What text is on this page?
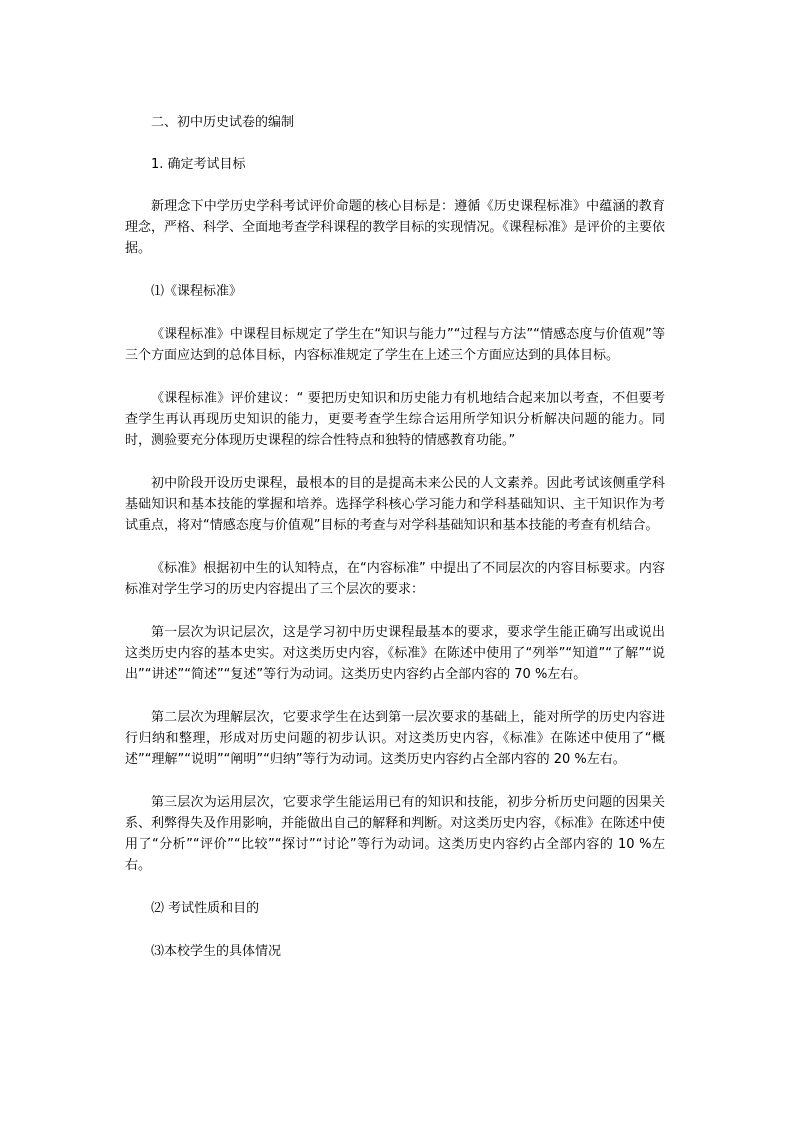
二、初中历史试卷的编制

1. 确定考试目标

新理念下中学历史学科考试评价命题的核心目标是：遵循《历史课程标准》中蕴涵的教育理念，严格、科学、全面地考查学科课程的教学目标的实现情况。《课程标准》是评价的主要依据。

⑴《课程标准》

《课程标准》中课程目标规定了学生在“知识与能力”“过程与方法”“情感态度与价值观”等三个方面应达到的总体目标，内容标准规定了学生在上述三个方面应达到的具体目标。

《课程标准》评价建议：“ 要把历史知识和历史能力有机地结合起来加以考查，不但要考查学生再认再现历史知识的能力，更要考查学生综合运用所学知识分析解决问题的能力。同时，测验要充分体现历史课程的综合性特点和独特的情感教育功能。”

初中阶段开设历史课程，最根本的目的是提高未来公民的人文素养。因此考试该侧重学科基础知识和基本技能的掌握和培养。选择学科核心学习能力和学科基础知识、主干知识作为考试重点，将对“情感态度与价值观”目标的考查与对学科基础知识和基本技能的考查有机结合。

《标准》根据初中生的认知特点，在“内容标准” 中提出了不同层次的内容目标要求。内容标准对学生学习的历史内容提出了三个层次的要求：

第一层次为识记层次，这是学习初中历史课程最基本的要求，要求学生能正确写出或说出这类历史内容的基本史实。对这类历史内容，《标准》在陈述中使用了“列举”“知道”“了解”“说出”“讲述”“简述”“复述”等行为动词。这类历史内容约占全部内容的 70 %左右。

第二层次为理解层次，它要求学生在达到第一层次要求的基础上，能对所学的历史内容进行归纳和整理，形成对历史问题的初步认识。对这类历史内容，《标准》在陈述中使用了“概述”“理解”“说明”“阐明”“归纳”等行为动词。这类历史内容约占全部内容的 20 %左右。

第三层次为运用层次，它要求学生能运用已有的知识和技能，初步分析历史问题的因果关系、利弊得失及作用影响，并能做出自己的解释和判断。对这类历史内容，《标准》在陈述中使用了“分析”“评价”“比较”“探讨”“讨论”等行为动词。这类历史内容约占全部内容的 10 %左右。

⑵ 考试性质和目的

⑶本校学生的具体情况
